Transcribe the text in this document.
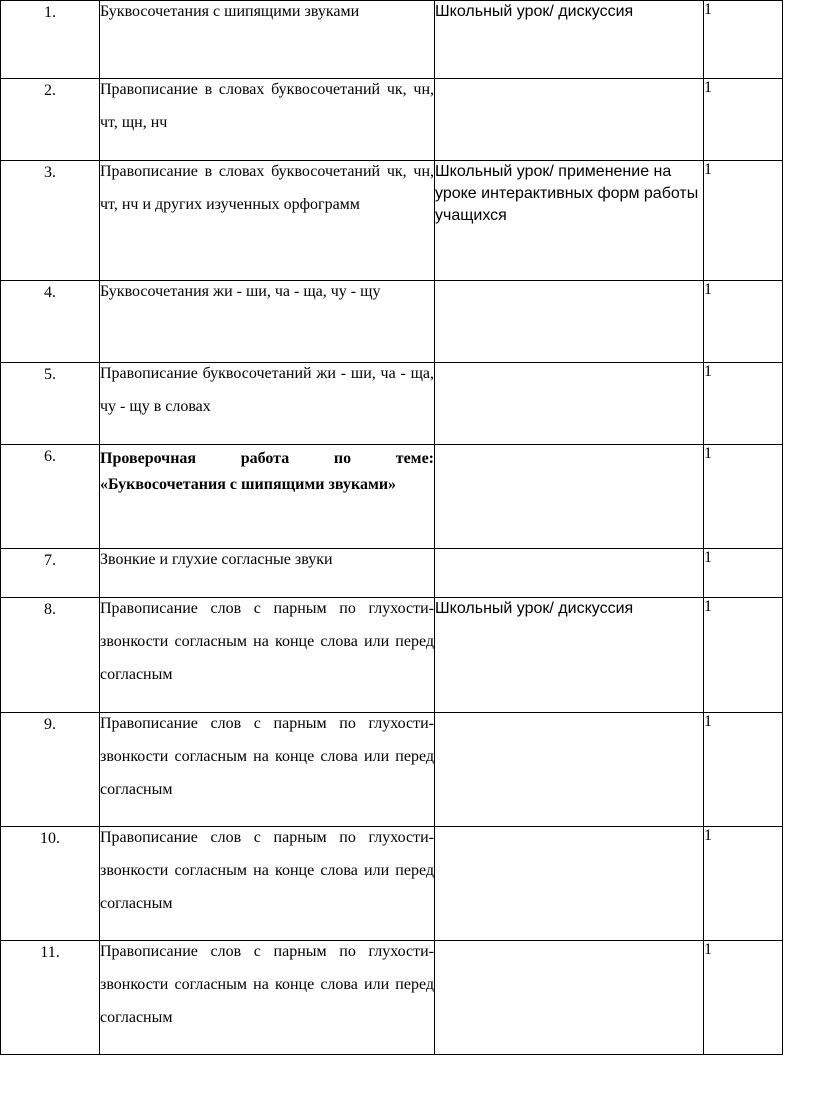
1.	Буквосочетания с шипящими звуками	Школьный урок/ дискуссия	1
2.	Правописание в словах буквосочетаний чк, чн, чт, щн, нч		1
3.	Правописание в словах буквосочетаний чк, чн, чт, нч и других изученных орфограмм	Школьный урок/ применение на уроке интерактивных форм работы учащихся	1
4.	Буквосочетания жи - ши, ча - ща, чу - щу		1
5.	Правописание буквосочетаний жи - ши, ча - ща, чу - щу в словах		1
6.	Проверочная работа по теме: «Буквосочетания с шипящими звуками»		1
7.	Звонкие и глухие согласные звуки		1
8.	Правописание слов с парным по глухости-звонкости согласным на конце слова или перед согласным	Школьный урок/ дискуссия	1
9.	Правописание слов с парным по глухости-звонкости согласным на конце слова или перед согласным		1
10.	Правописание слов с парным по глухости-звонкости согласным на конце слова или перед согласным		1
11.	Правописание слов с парным по глухости-звонкости согласным на конце слова или перед согласным		1
